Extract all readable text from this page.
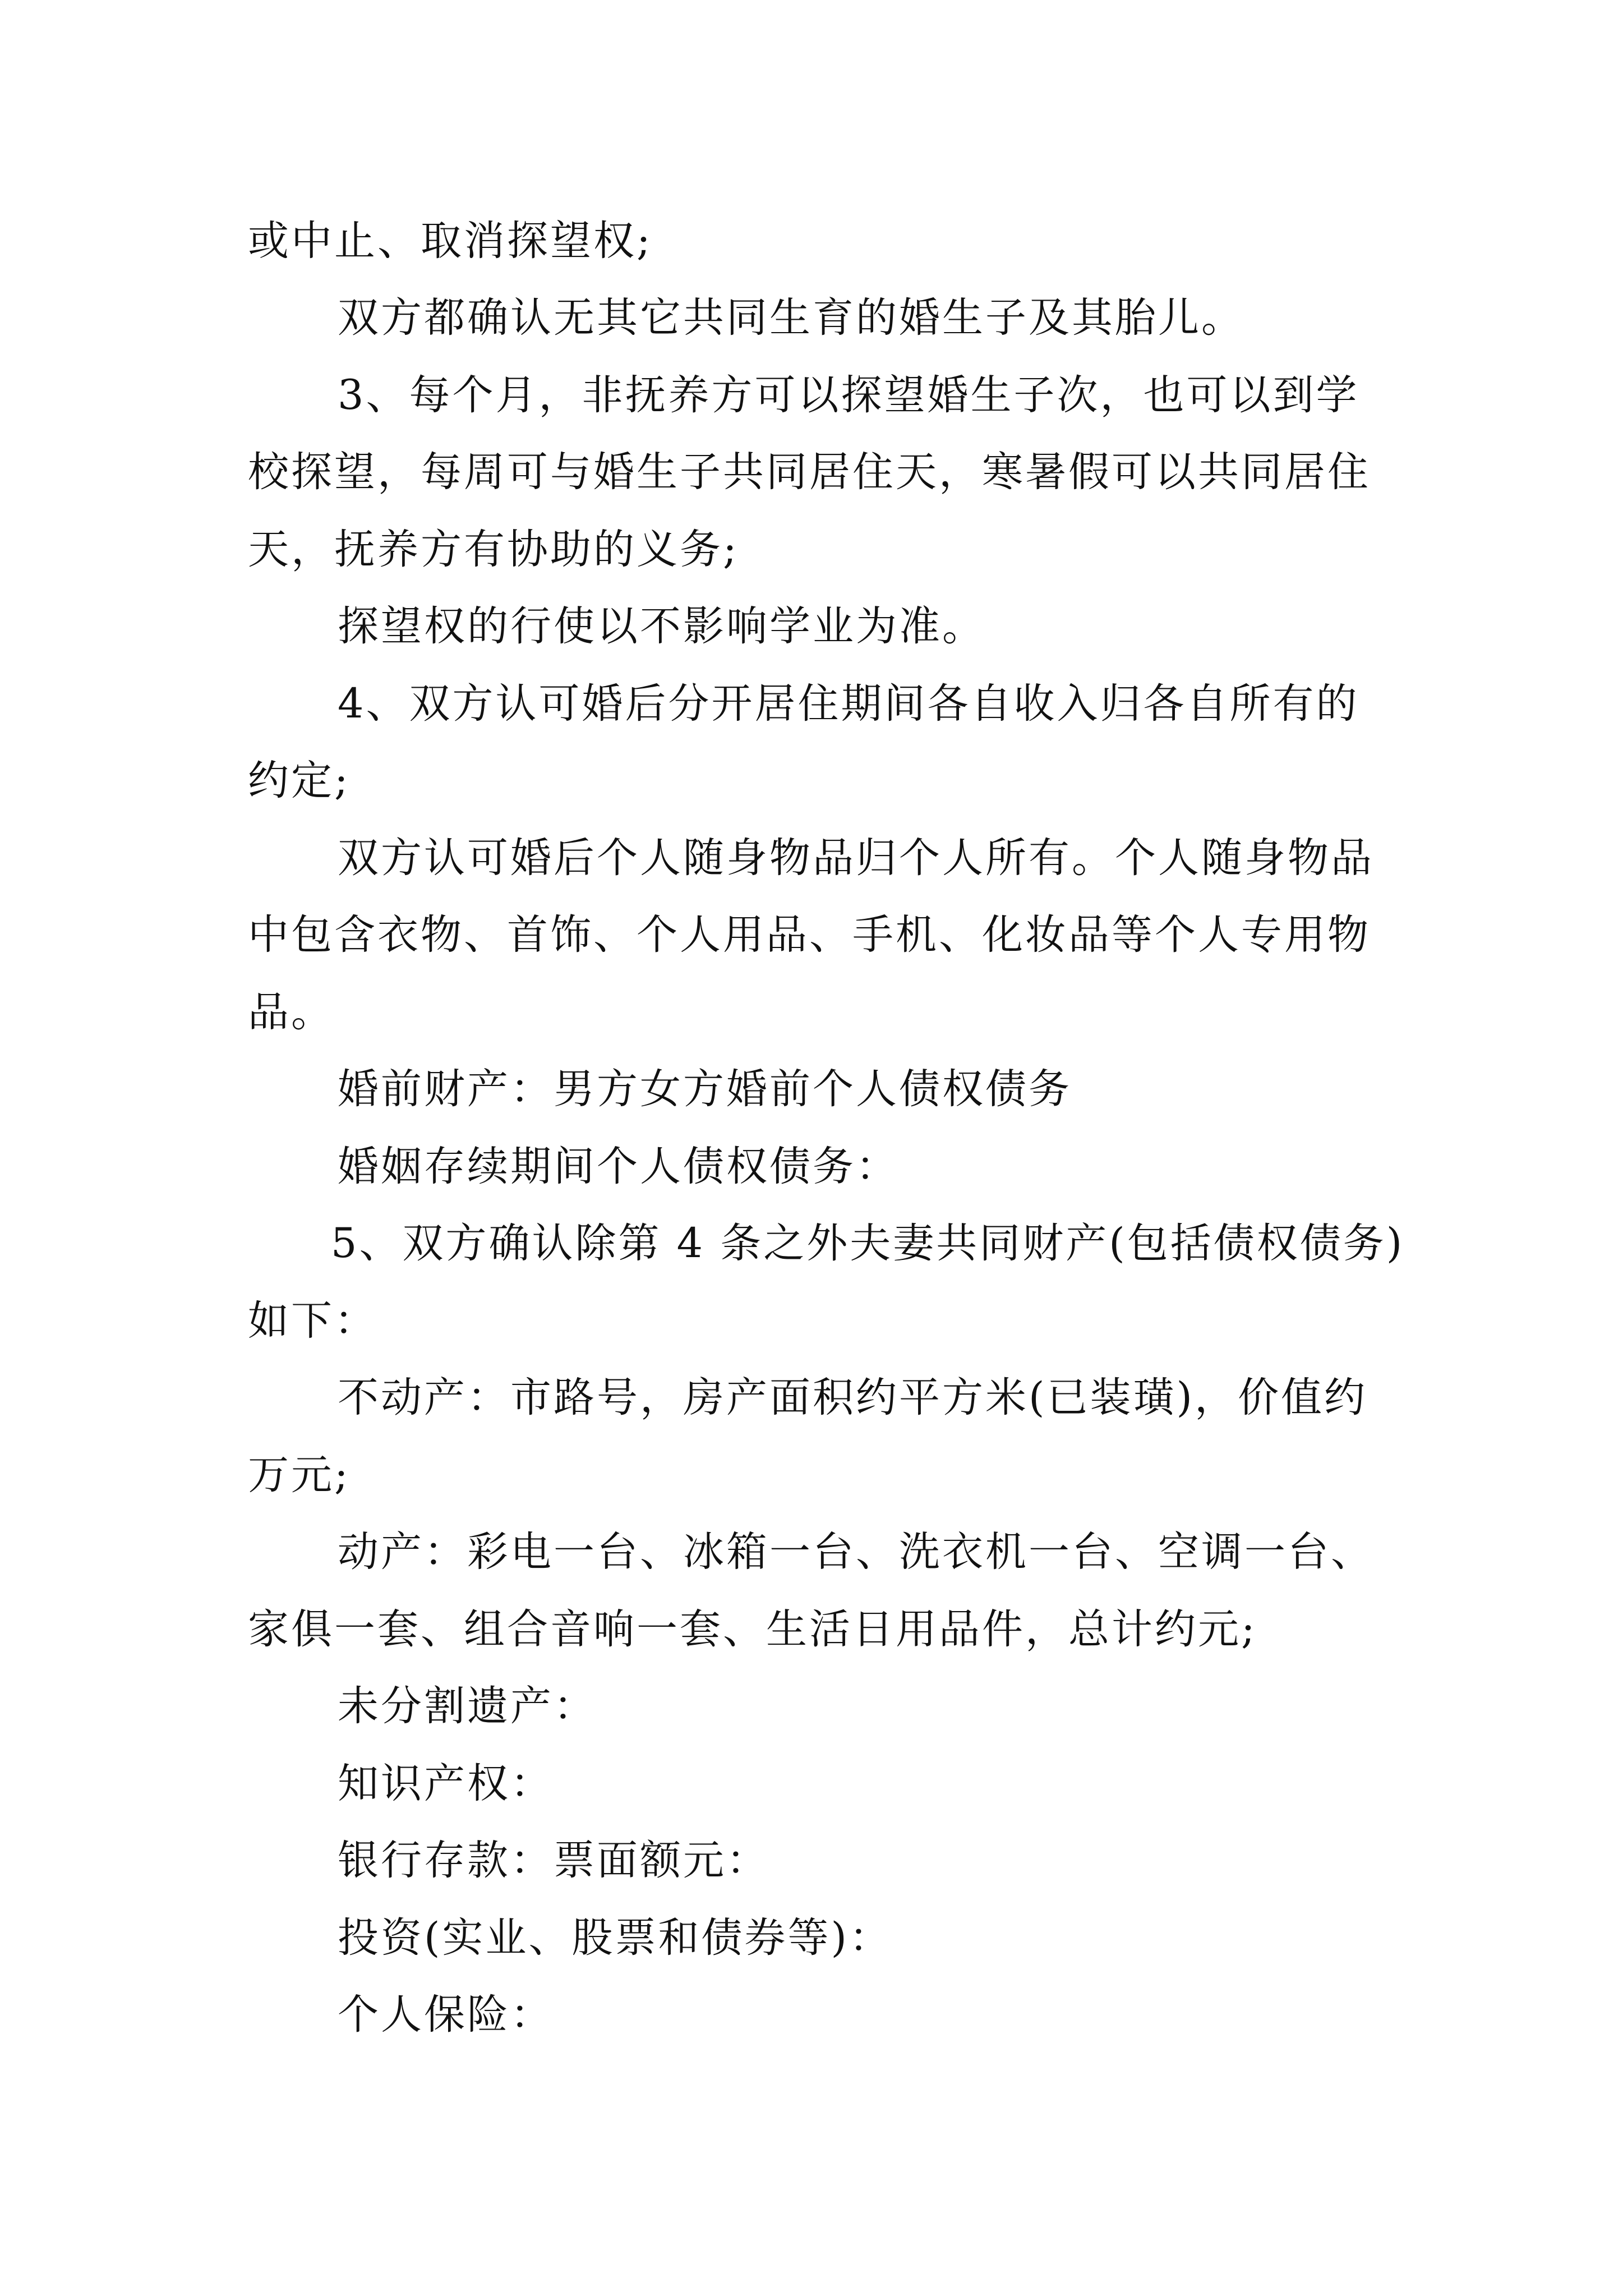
或中止、取消探望权;
双方都确认无其它共同生育的婚生子及其胎儿。
3、每个月，非抚养方可以探望婚生子次，也可以到学
校探望，每周可与婚生子共同居住天，寒暑假可以共同居住
天，抚养方有协助的义务;
探望权的行使以不影响学业为准。
4、双方认可婚后分开居住期间各自收入归各自所有的
约定;
双方认可婚后个人随身物品归个人所有。个人随身物品
中包含衣物、首饰、个人用品、手机、化妆品等个人专用物
品。
婚前财产：男方女方婚前个人债权债务
婚姻存续期间个人债权债务：
5、双方确认除第 4 条之外夫妻共同财产(包括债权债务)
如下：
不动产：市路号，房产面积约平方米(已装璜)，价值约
万元;
动产：彩电一台、冰箱一台、洗衣机一台、空调一台、
家俱一套、组合音响一套、生活日用品件，总计约元;
未分割遗产：
知识产权：
银行存款：票面额元：
投资(实业、股票和债券等)：
个人保险：
